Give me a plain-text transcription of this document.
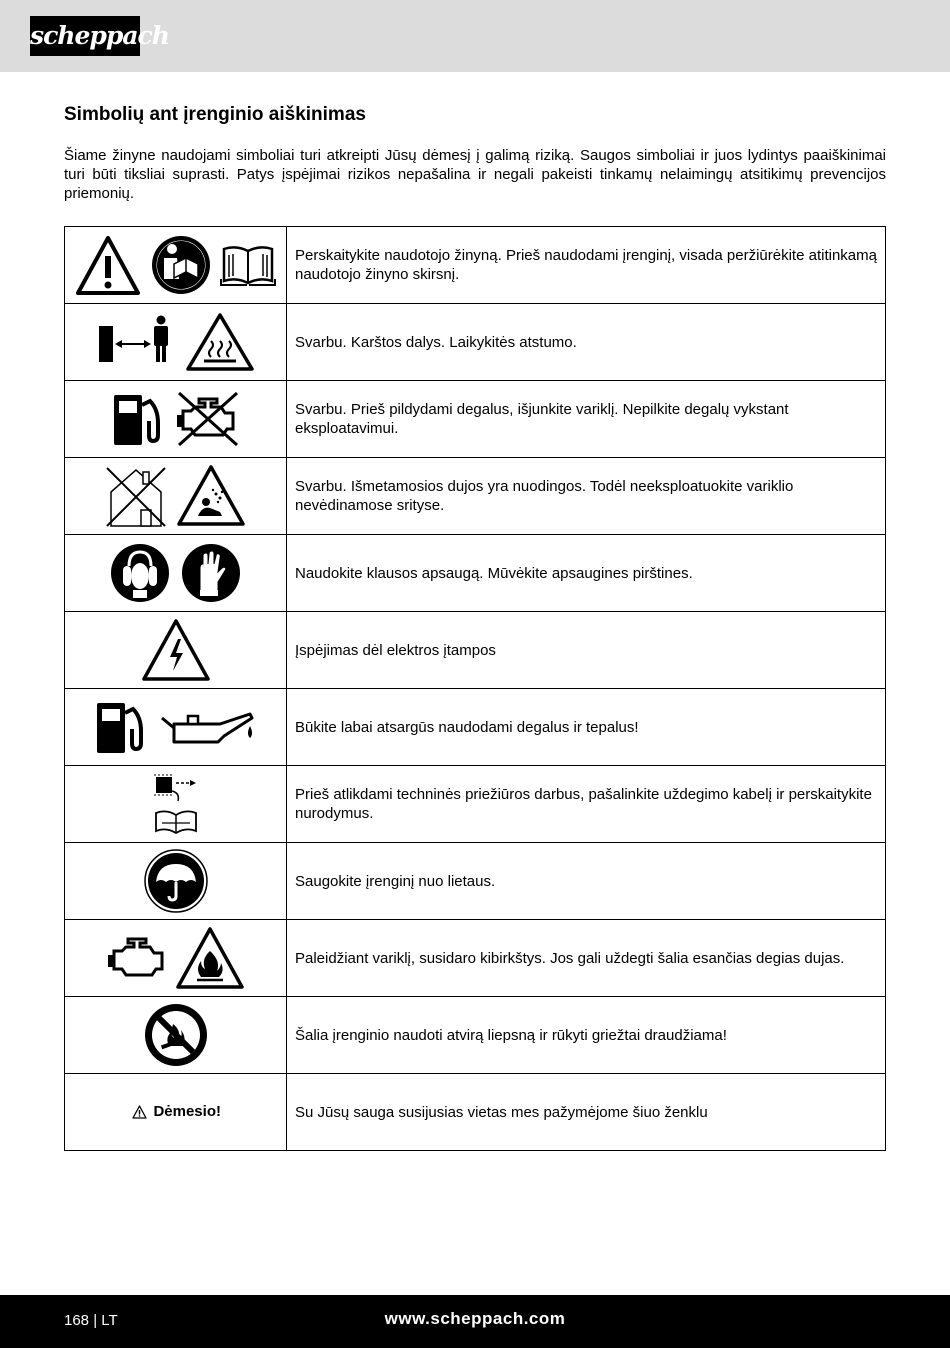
scheppach
Simbolių ant įrenginio aiškinimas

Šiame žinyne naudojami simboliai turi atkreipti Jūsų dėmesį į galimą riziką. Saugos simboliai ir juos lydintys paaiškinimai turi būti tiksliai suprasti. Patys įspėjimai rizikos nepašalina ir negali pakeisti tinkamų nelaimingų atsitikimų prevencijos priemonių.

	Perskaitykite naudotojo žinyną. Prieš naudodami įrenginį, visada peržiūrėkite atitinkamą naudotojo žinyno skirsnį.
	Svarbu. Karštos dalys. Laikykitės atstumo.
	Svarbu. Prieš pildydami degalus, išjunkite variklį. Nepilkite degalų vykstant eksploatavimui.
	Svarbu. Išmetamosios dujos yra nuodingos. Todėl neeksploatuokite variklio nevėdinamose srityse.
	Naudokite klausos apsaugą. Mūvėkite apsaugines pirštines.
	Įspėjimas dėl elektros įtampos
	Būkite labai atsargūs naudodami degalus ir tepalus!
	Prieš atlikdami techninės priežiūros darbus, pašalinkite uždegimo kabelį ir perskaitykite nurodymus.
	Saugokite įrenginį nuo lietaus.
	Paleidžiant variklį, susidaro kibirkštys. Jos gali uždegti šalia esančias degias dujas.
	Šalia įrenginio naudoti atvirą liepsną ir rūkyti griežtai draudžiama!
Dėmesio!	Su Jūsų sauga susijusias vietas mes pažymėjome šiuo ženklu
168 | LT	www.scheppach.com
